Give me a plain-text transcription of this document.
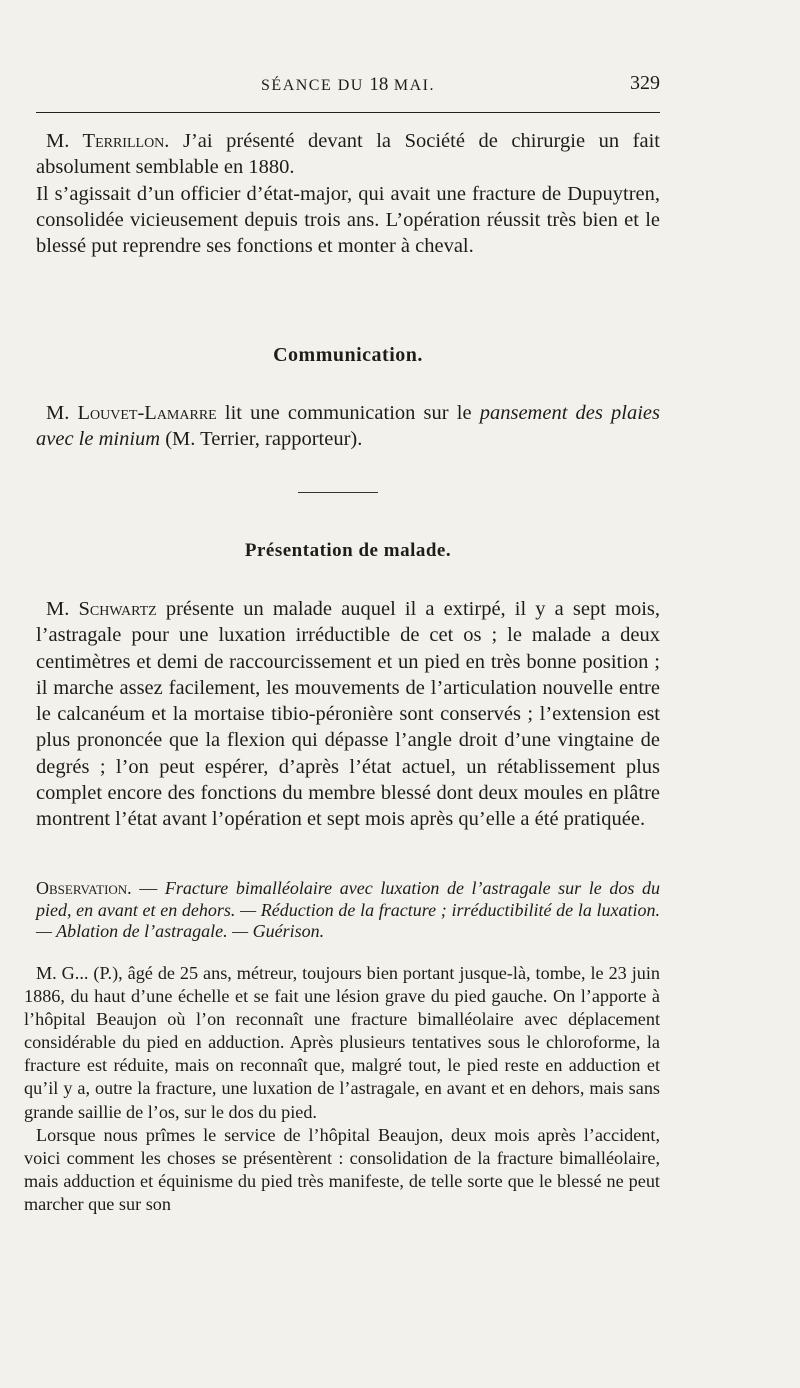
SÉANCE DU 18 MAI.	329

M. Terrillon. J’ai présenté devant la Société de chirurgie un fait absolument semblable en 1880.

Il s’agissait d’un officier d’état-major, qui avait une fracture de Dupuytren, consolidée vicieusement depuis trois ans. L’opération réussit très bien et le blessé put reprendre ses fonctions et monter à cheval.

Communication.

M. Louvet-Lamarre lit une communication sur le pansement des plaies avec le minium (M. Terrier, rapporteur).

Présentation de malade.

M. Schwartz présente un malade auquel il a extirpé, il y a sept mois, l’astragale pour une luxation irréductible de cet os ; le malade a deux centimètres et demi de raccourcissement et un pied en très bonne position ; il marche assez facilement, les mouvements de l’articulation nouvelle entre le calcanéum et la mortaise tibio-péronière sont conservés ; l’extension est plus prononcée que la flexion qui dépasse l’angle droit d’une vingtaine de degrés ; l’on peut espérer, d’après l’état actuel, un rétablissement plus complet encore des fonctions du membre blessé dont deux moules en plâtre montrent l’état avant l’opération et sept mois après qu’elle a été pratiquée.

Observation. — Fracture bimalléolaire avec luxation de l’astragale sur le dos du pied, en avant et en dehors. — Réduction de la fracture ; irréductibilité de la luxation. — Ablation de l’astragale. — Guérison.

M. G... (P.), âgé de 25 ans, métreur, toujours bien portant jusque-là, tombe, le 23 juin 1886, du haut d’une échelle et se fait une lésion grave du pied gauche. On l’apporte à l’hôpital Beaujon où l’on reconnaît une fracture bimalléolaire avec déplacement considérable du pied en adduction. Après plusieurs tentatives sous le chloroforme, la fracture est réduite, mais on reconnaît que, malgré tout, le pied reste en adduction et qu’il y a, outre la fracture, une luxation de l’astragale, en avant et en dehors, mais sans grande saillie de l’os, sur le dos du pied.

Lorsque nous prîmes le service de l’hôpital Beaujon, deux mois après l’accident, voici comment les choses se présentèrent : consolidation de la fracture bimalléolaire, mais adduction et équinisme du pied très manifeste, de telle sorte que le blessé ne peut marcher que sur son
